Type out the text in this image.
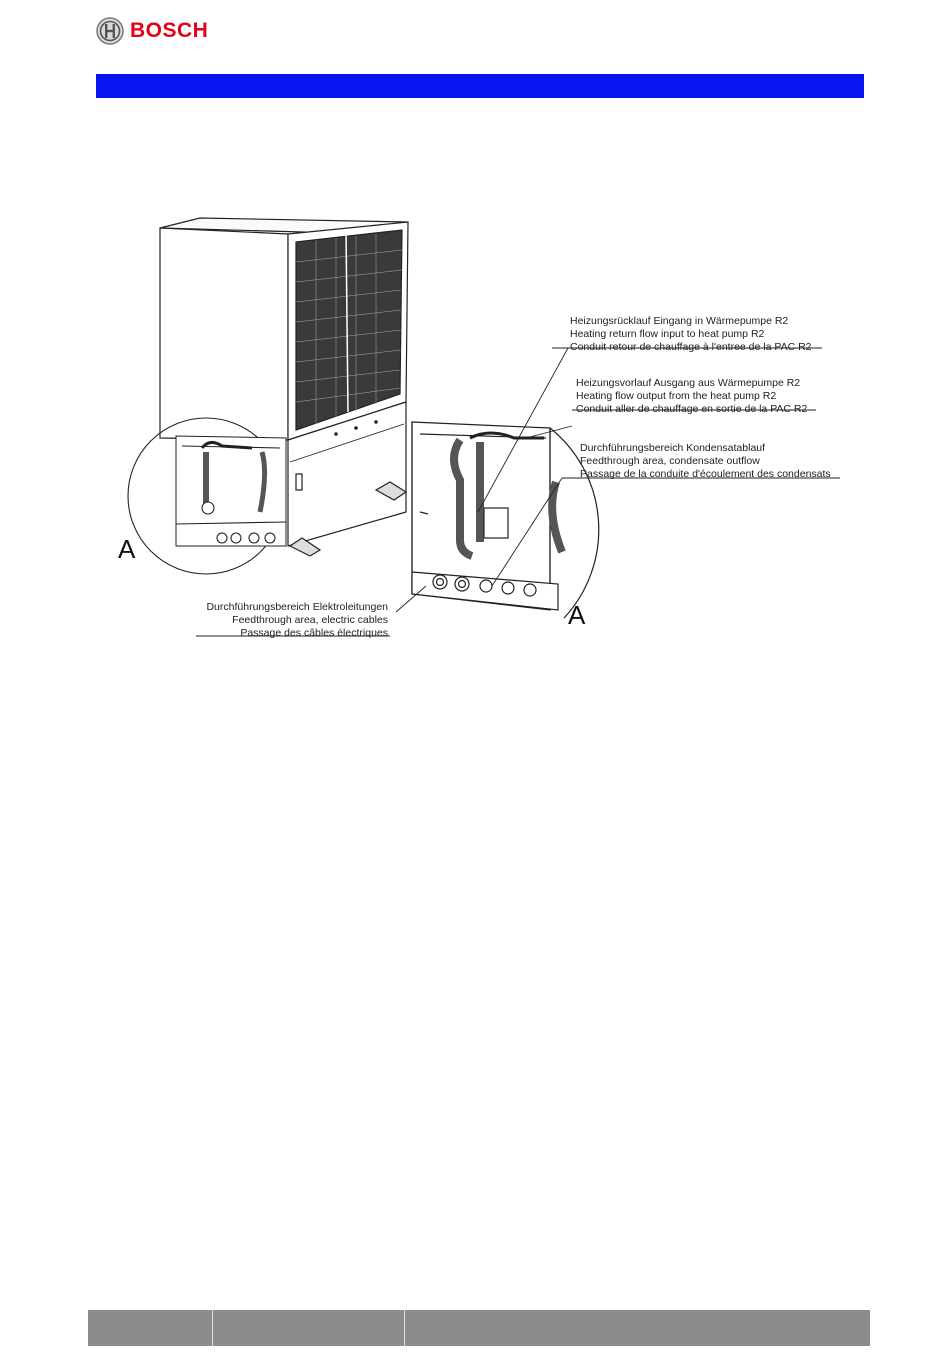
BOSCH
A
A
Heizungsrücklauf Eingang in Wärmepumpe R2
Heating return flow input to heat pump R2
Conduit retour de chauffage à l'entree de la PAC R2
Heizungsvorlauf Ausgang aus Wärmepumpe R2
Heating flow output from the heat pump R2
Conduit aller de chauffage en sortie de la PAC R2
Durchführungsbereich Kondensatablauf
Feedthrough area, condensate outflow
Passage de la conduite d'écoulement des condensats
Durchführungsbereich Elektroleitungen
Feedthrough area, electric cables
Passage des câbles électriques
